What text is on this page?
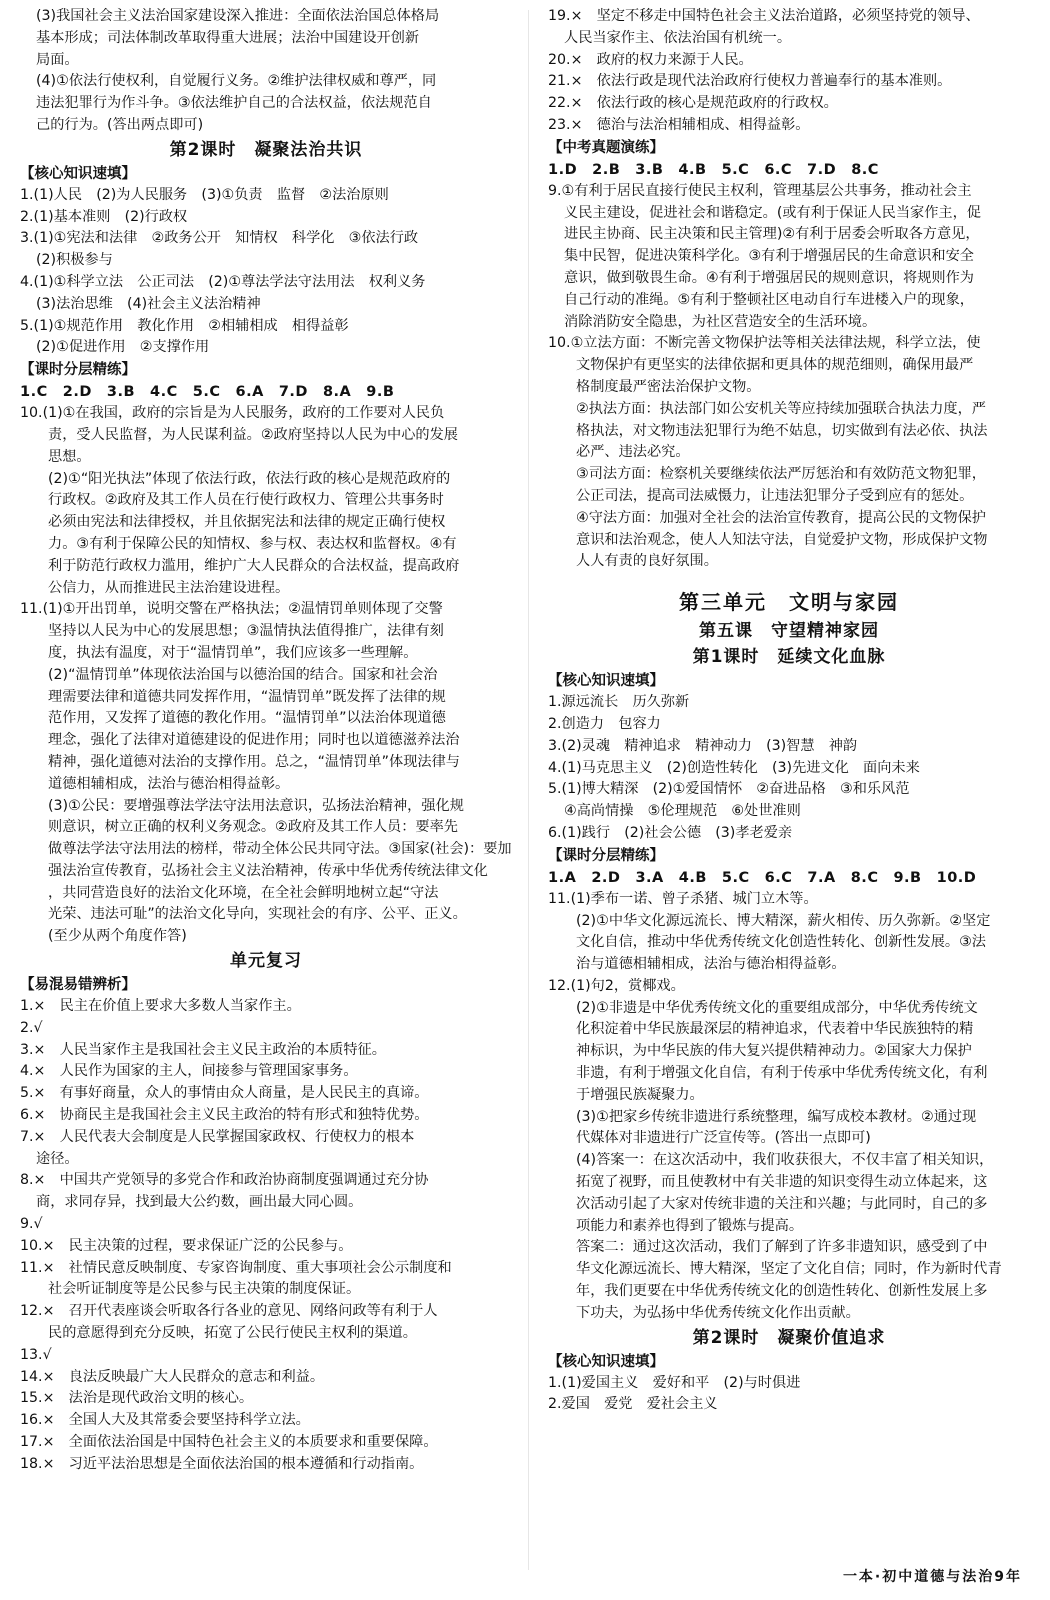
(3)我国社会主义法治国家建设深入推进：全面依法治国总体格局
基本形成；司法体制改革取得重大进展；法治中国建设开创新
局面。
(4)①依法行使权利，自觉履行义务。②维护法律权威和尊严，同
违法犯罪行为作斗争。③依法维护自己的合法权益，依法规范自
己的行为。(答出两点即可)
第2课时　凝聚法治共识
【核心知识速填】
1.(1)人民　(2)为人民服务　(3)①负责　监督　②法治原则
2.(1)基本准则　(2)行政权
3.(1)①宪法和法律　②政务公开　知情权　科学化　③依法行政
(2)积极参与
4.(1)①科学立法　公正司法　(2)①尊法学法守法用法　权利义务
(3)法治思维　(4)社会主义法治精神
5.(1)①规范作用　教化作用　②相辅相成　相得益彰
(2)①促进作用　②支撑作用
【课时分层精练】
1.C　2.D　3.B　4.C　5.C　6.A　7.D　8.A　9.B
10.(1)①在我国，政府的宗旨是为人民服务，政府的工作要对人民负
责，受人民监督，为人民谋利益。②政府坚持以人民为中心的发展
思想。
(2)①“阳光执法”体现了依法行政，依法行政的核心是规范政府的
行政权。②政府及其工作人员在行使行政权力、管理公共事务时
必须由宪法和法律授权，并且依据宪法和法律的规定正确行使权
力。③有利于保障公民的知情权、参与权、表达权和监督权。④有
利于防范行政权力滥用，维护广大人民群众的合法权益，提高政府
公信力，从而推进民主法治建设进程。
11.(1)①开出罚单，说明交警在严格执法；②温情罚单则体现了交警
坚持以人民为中心的发展思想；③温情执法值得推广，法律有刻
度，执法有温度，对于“温情罚单”，我们应该多一些理解。
(2)“温情罚单”体现依法治国与以德治国的结合。国家和社会治
理需要法律和道德共同发挥作用，“温情罚单”既发挥了法律的规
范作用，又发挥了道德的教化作用。“温情罚单”以法治体现道德
理念，强化了法律对道德建设的促进作用；同时也以道德滋养法治
精神，强化道德对法治的支撑作用。总之，“温情罚单”体现法律与
道德相辅相成，法治与德治相得益彰。
(3)①公民：要增强尊法学法守法用法意识，弘扬法治精神，强化规
则意识，树立正确的权利义务观念。②政府及其工作人员：要率先
做尊法学法守法用法的榜样，带动全体公民共同守法。③国家(社会)：要加
强法治宣传教育，弘扬社会主义法治精神，传承中华优秀传统法律文化
，共同营造良好的法治文化环境，在全社会鲜明地树立起“守法
光荣、违法可耻”的法治文化导向，实现社会的有序、公平、正义。
(至少从两个角度作答)
单元复习
【易混易错辨析】
1.×　民主在价值上要求大多数人当家作主。
2.√
3.×　人民当家作主是我国社会主义民主政治的本质特征。
4.×　人民作为国家的主人，间接参与管理国家事务。
5.×　有事好商量，众人的事情由众人商量，是人民民主的真谛。
6.×　协商民主是我国社会主义民主政治的特有形式和独特优势。
7.×　人民代表大会制度是人民掌握国家政权、行使权力的根本
途径。
8.×　中国共产党领导的多党合作和政治协商制度强调通过充分协
商，求同存异，找到最大公约数，画出最大同心圆。
9.√
10.×　民主决策的过程，要求保证广泛的公民参与。
11.×　社情民意反映制度、专家咨询制度、重大事项社会公示制度和
社会听证制度等是公民参与民主决策的制度保证。
12.×　召开代表座谈会听取各行各业的意见、网络问政等有利于人
民的意愿得到充分反映，拓宽了公民行使民主权利的渠道。
13.√
14.×　良法反映最广大人民群众的意志和利益。
15.×　法治是现代政治文明的核心。
16.×　全国人大及其常委会要坚持科学立法。
17.×　全面依法治国是中国特色社会主义的本质要求和重要保障。
18.×　习近平法治思想是全面依法治国的根本遵循和行动指南。
19.×　坚定不移走中国特色社会主义法治道路，必须坚持党的领导、
人民当家作主、依法治国有机统一。
20.×　政府的权力来源于人民。
21.×　依法行政是现代法治政府行使权力普遍奉行的基本准则。
22.×　依法行政的核心是规范政府的行政权。
23.×　德治与法治相辅相成、相得益彰。
【中考真题演练】
1.D　2.B　3.B　4.B　5.C　6.C　7.D　8.C
9.①有利于居民直接行使民主权利，管理基层公共事务，推动社会主
义民主建设，促进社会和谐稳定。(或有利于保证人民当家作主，促
进民主协商、民主决策和民主管理)②有利于居委会听取各方意见，
集中民智，促进决策科学化。③有利于增强居民的生命意识和安全
意识，做到敬畏生命。④有利于增强居民的规则意识，将规则作为
自己行动的准绳。⑤有利于整顿社区电动自行车进楼入户的现象，
消除消防安全隐患，为社区营造安全的生活环境。
10.①立法方面：不断完善文物保护法等相关法律法规，科学立法，使
文物保护有更坚实的法律依据和更具体的规范细则，确保用最严
格制度最严密法治保护文物。
②执法方面：执法部门如公安机关等应持续加强联合执法力度，严
格执法，对文物违法犯罪行为绝不姑息，切实做到有法必依、执法
必严、违法必究。
③司法方面：检察机关要继续依法严厉惩治和有效防范文物犯罪，
公正司法，提高司法威慑力，让违法犯罪分子受到应有的惩处。
④守法方面：加强对全社会的法治宣传教育，提高公民的文物保护
意识和法治观念，使人人知法守法，自觉爱护文物，形成保护文物
人人有责的良好氛围。
第三单元　文明与家园
第五课　守望精神家园
第1课时　延续文化血脉
【核心知识速填】
1.源远流长　历久弥新
2.创造力　包容力
3.(2)灵魂　精神追求　精神动力　(3)智慧　神韵
4.(1)马克思主义　(2)创造性转化　(3)先进文化　面向未来
5.(1)博大精深　(2)①爱国情怀　②奋进品格　③和乐风范
④高尚情操　⑤伦理规范　⑥处世准则
6.(1)践行　(2)社会公德　(3)孝老爱亲
【课时分层精练】
1.A　2.D　3.A　4.B　5.C　6.C　7.A　8.C　9.B　10.D
11.(1)季布一诺、曾子杀猪、城门立木等。
(2)①中华文化源远流长、博大精深，薪火相传、历久弥新。②坚定
文化自信，推动中华优秀传统文化创造性转化、创新性发展。③法
治与道德相辅相成，法治与德治相得益彰。
12.(1)句2，赏椰戏。
(2)①非遗是中华优秀传统文化的重要组成部分，中华优秀传统文
化积淀着中华民族最深层的精神追求，代表着中华民族独特的精
神标识，为中华民族的伟大复兴提供精神动力。②国家大力保护
非遗，有利于增强文化自信，有利于传承中华优秀传统文化，有利
于增强民族凝聚力。
(3)①把家乡传统非遗进行系统整理，编写成校本教材。②通过现
代媒体对非遗进行广泛宣传等。(答出一点即可)
(4)答案一：在这次活动中，我们收获很大，不仅丰富了相关知识，
拓宽了视野，而且使教材中有关非遗的知识变得生动立体起来，这
次活动引起了大家对传统非遗的关注和兴趣；与此同时，自己的多
项能力和素养也得到了锻炼与提高。
答案二：通过这次活动，我们了解到了许多非遗知识，感受到了中
华文化源远流长、博大精深，坚定了文化自信；同时，作为新时代青
年，我们更要在中华优秀传统文化的创造性转化、创新性发展上多
下功夫，为弘扬中华优秀传统文化作出贡献。
第2课时　凝聚价值追求
【核心知识速填】
1.(1)爱国主义　爱好和平　(2)与时俱进
2.爱国　爱党　爱社会主义
一本·初中道德与法治9年
